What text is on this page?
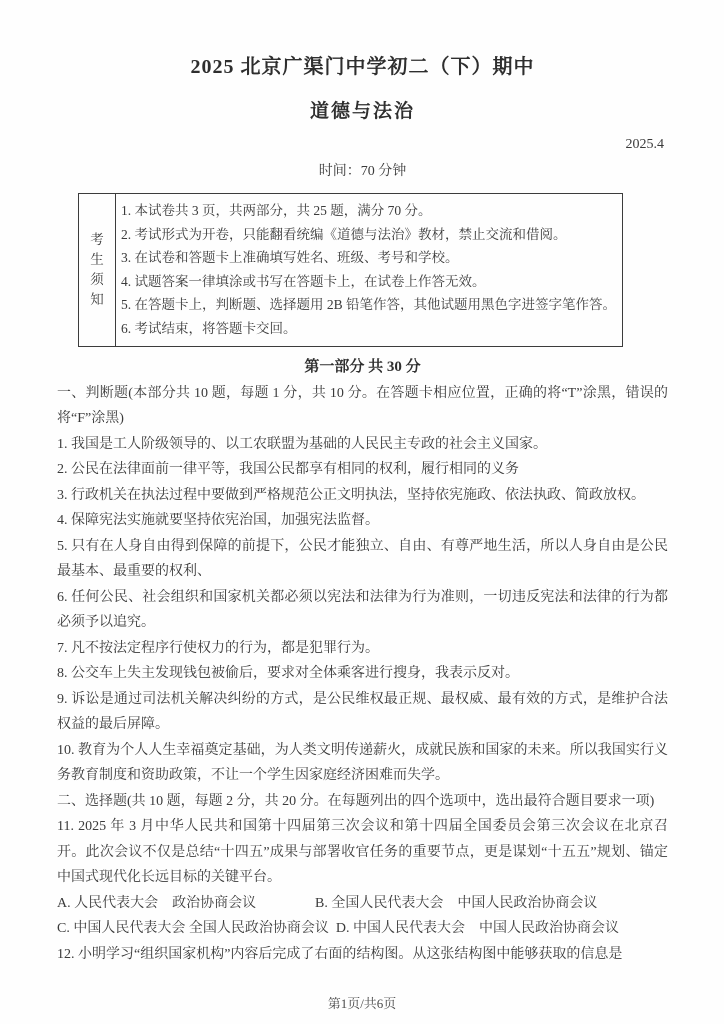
2025 北京广渠门中学初二（下）期中
道德与法治
2025.4
时间：70 分钟
考生须知

1. 本试卷共 3 页，共两部分，共 25 题，满分 70 分。

2. 考试形式为开卷，只能翻看统编《道德与法治》教材，禁止交流和借阅。

3. 在试卷和答题卡上准确填写姓名、班级、考号和学校。

4. 试题答案一律填涂或书写在答题卡上，在试卷上作答无效。

5. 在答题卡上，判断题、选择题用 2B 铅笔作答，其他试题用黑色字进签字笔作答。

6. 考试结束，将答题卡交回。

第一部分 共 30 分

一、判断题(本部分共 10 题，每题 1 分，共 10 分。在答题卡相应位置，正确的将“T”涂黑，错误的将“F”涂黑)

1. 我国是工人阶级领导的、以工农联盟为基础的人民民主专政的社会主义国家。

2. 公民在法律面前一律平等，我国公民都享有相同的权利，履行相同的义务

3. 行政机关在执法过程中要做到严格规范公正文明执法，坚持依宪施政、依法执政、简政放权。

4. 保障宪法实施就要坚持依宪治国，加强宪法监督。

5. 只有在人身自由得到保障的前提下，公民才能独立、自由、有尊严地生活，所以人身自由是公民最基本、最重要的权利、

6. 任何公民、社会组织和国家机关都必须以宪法和法律为行为准则，一切违反宪法和法律的行为都必须予以追究。

7. 凡不按法定程序行使权力的行为，都是犯罪行为。

8. 公交车上失主发现钱包被偷后，要求对全体乘客进行搜身，我表示反对。

9. 诉讼是通过司法机关解决纠纷的方式，是公民维权最正规、最权威、最有效的方式，是维护合法权益的最后屏障。

10. 教育为个人人生幸福奠定基础，为人类文明传递薪火，成就民族和国家的未来。所以我国实行义务教育制度和资助政策，不让一个学生因家庭经济困难而失学。

二、选择题(共 10 题，每题 2 分，共 20 分。在每题列出的四个选项中，选出最符合题目要求一项)

11. 2025 年 3 月中华人民共和国第十四届第三次会议和第十四届全国委员会第三次会议在北京召开。此次会议不仅是总结“十四五”成果与部署收官任务的重要节点，更是谋划“十五五”规划、锚定中国式现代化长远目标的关键平台。

A. 人民代表大会　政治协商会议	B. 全国人民代表大会　中国人民政治协商会议
C. 中国人民代表大会 全国人民政治协商会议 D. 中国人民代表大会　中国人民政治协商会议

12. 小明学习“组织国家机构”内容后完成了右面的结构图。从这张结构图中能够获取的信息是

第1页/共6页
